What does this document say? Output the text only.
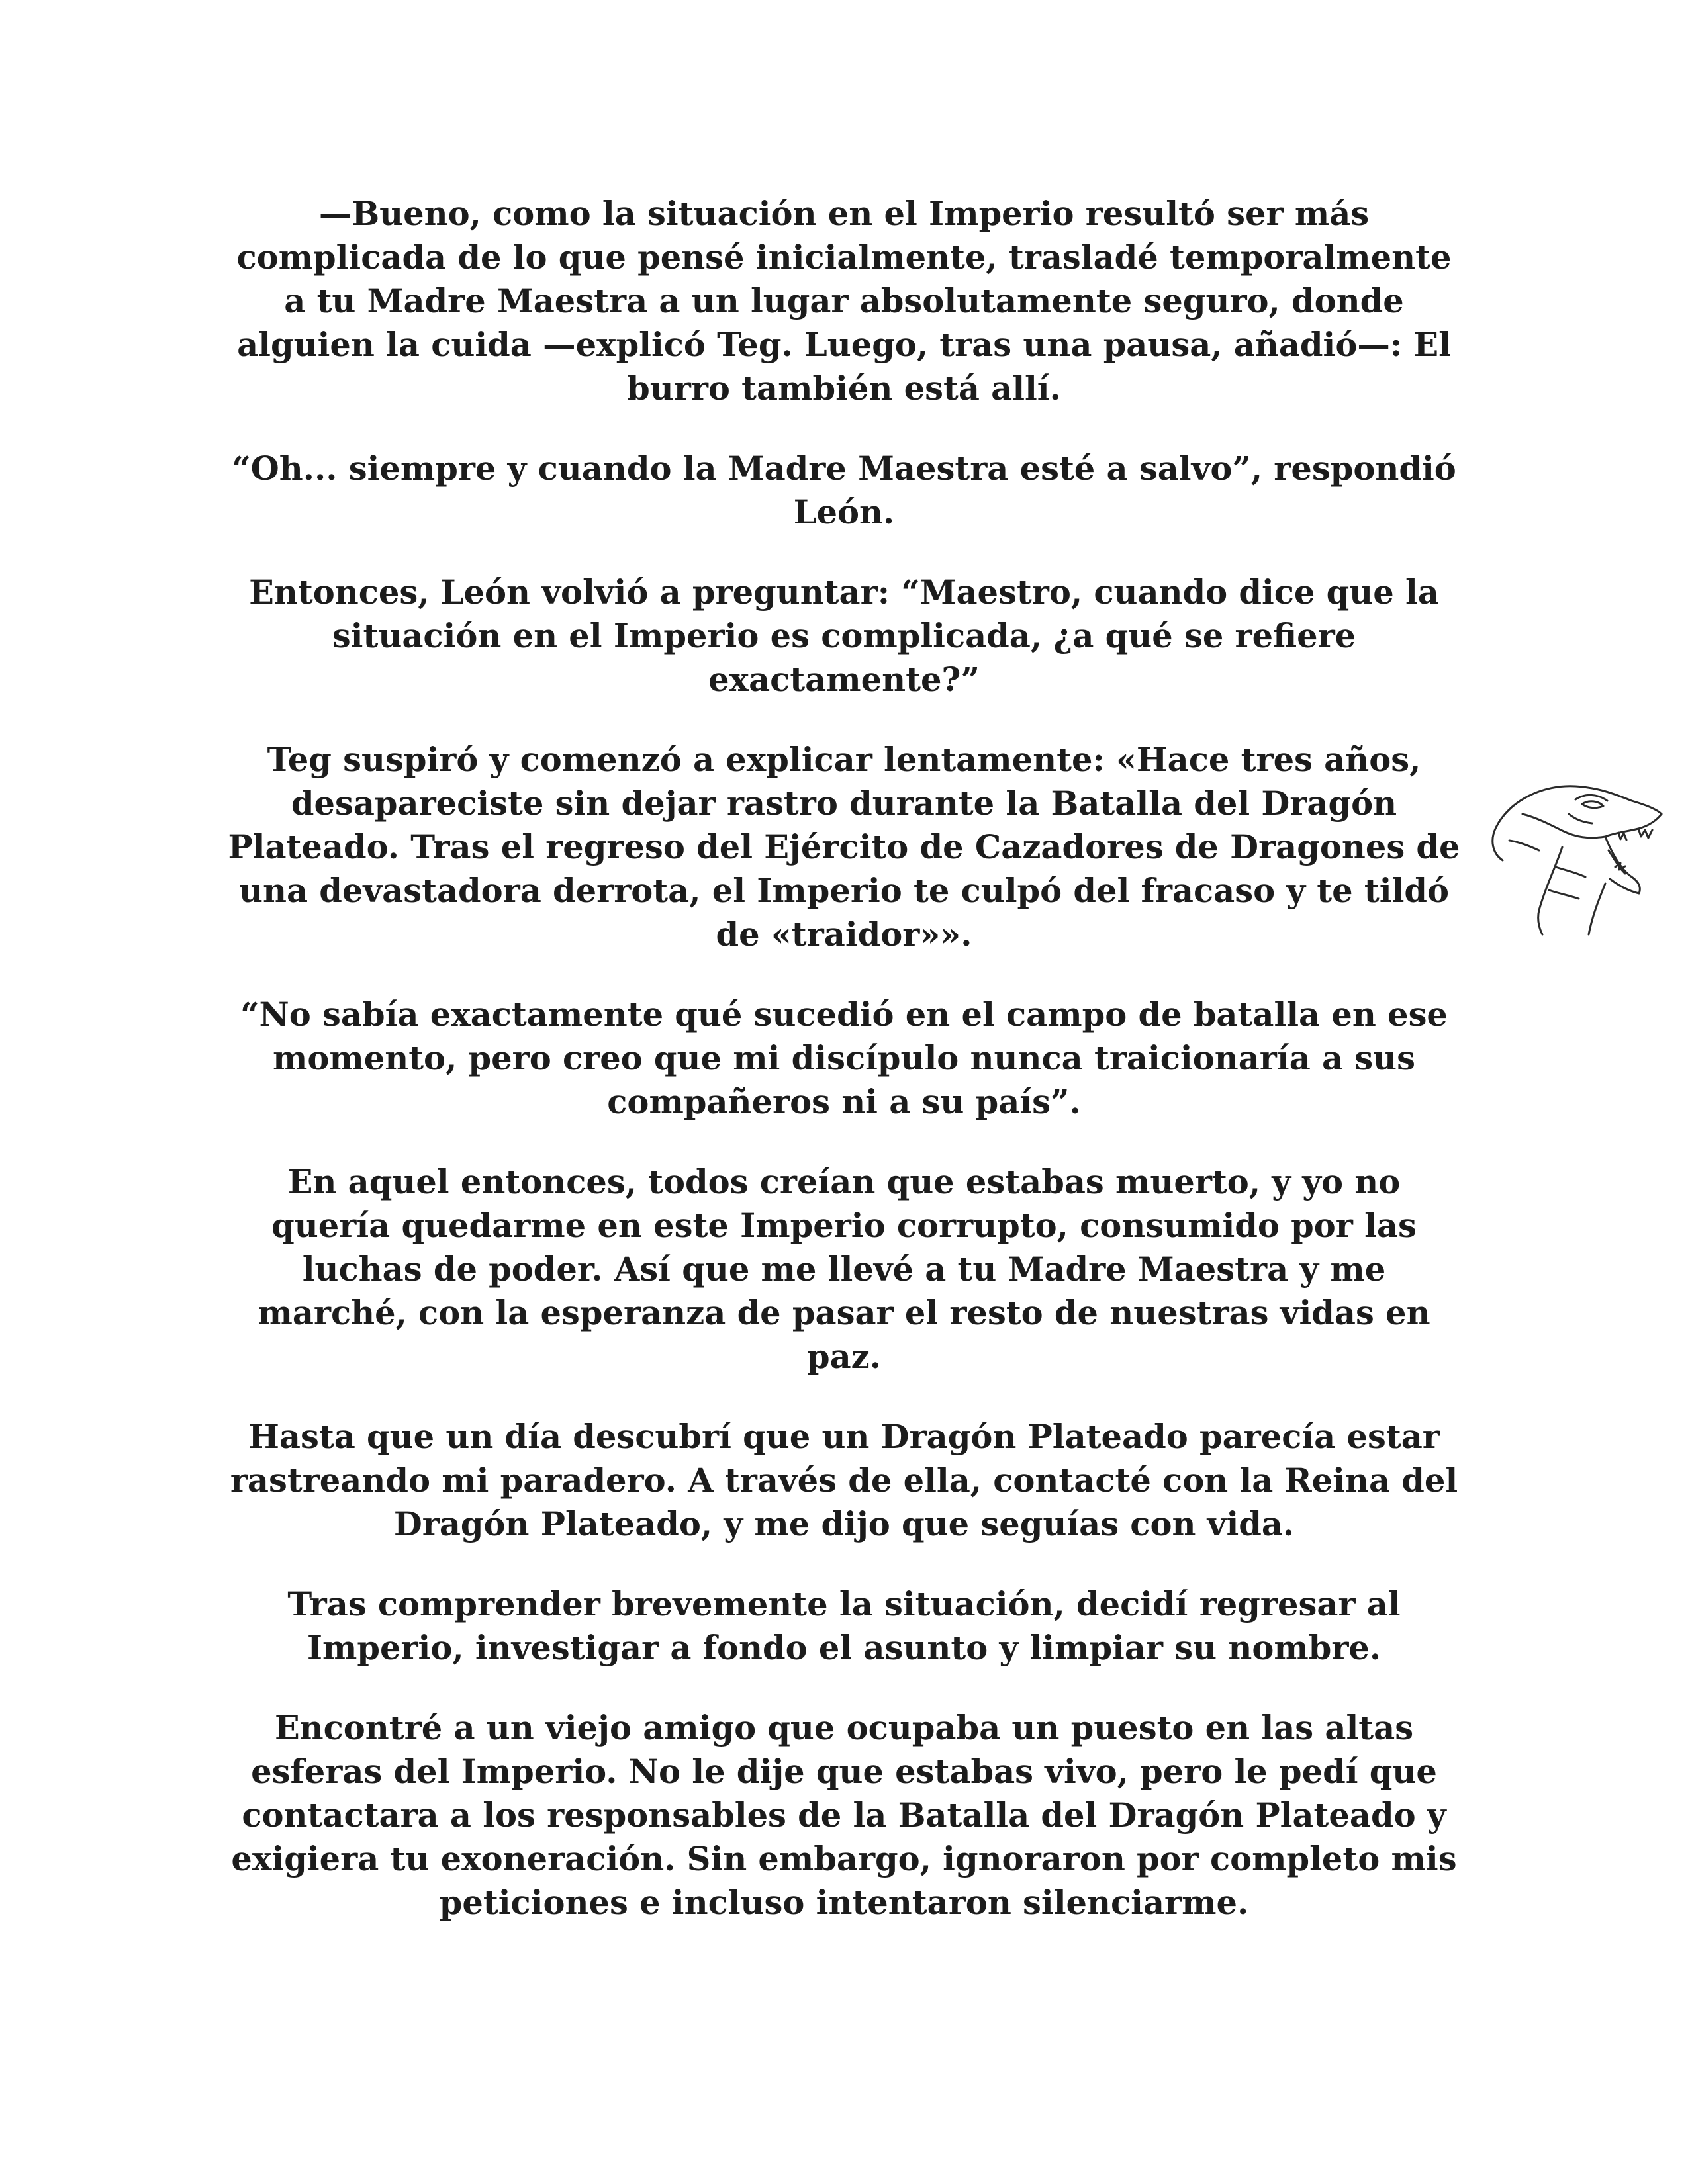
—Bueno, como la situación en el Imperio resultó ser más complicada de lo que pensé inicialmente, trasladé temporalmente a tu Madre Maestra a un lugar absolutamente seguro, donde alguien la cuida —explicó Teg. Luego, tras una pausa, añadió—: El burro también está allí.

“Oh... siempre y cuando la Madre Maestra esté a salvo”, respondió León.

Entonces, León volvió a preguntar: “Maestro, cuando dice que la situación en el Imperio es complicada, ¿a qué se refiere exactamente?”

Teg suspiró y comenzó a explicar lentamente: «Hace tres años, desapareciste sin dejar rastro durante la Batalla del Dragón Plateado. Tras el regreso del Ejército de Cazadores de Dragones de una devastadora derrota, el Imperio te culpó del fracaso y te tildó de «traidor»».

“No sabía exactamente qué sucedió en el campo de batalla en ese momento, pero creo que mi discípulo nunca traicionaría a sus compañeros ni a su país”.

En aquel entonces, todos creían que estabas muerto, y yo no quería quedarme en este Imperio corrupto, consumido por las luchas de poder. Así que me llevé a tu Madre Maestra y me marché, con la esperanza de pasar el resto de nuestras vidas en paz.

Hasta que un día descubrí que un Dragón Plateado parecía estar rastreando mi paradero. A través de ella, contacté con la Reina del Dragón Plateado, y me dijo que seguías con vida.

Tras comprender brevemente la situación, decidí regresar al Imperio, investigar a fondo el asunto y limpiar su nombre.

Encontré a un viejo amigo que ocupaba un puesto en las altas esferas del Imperio. No le dije que estabas vivo, pero le pedí que contactara a los responsables de la Batalla del Dragón Plateado y exigiera tu exoneración. Sin embargo, ignoraron por completo mis peticiones e incluso intentaron silenciarme.
